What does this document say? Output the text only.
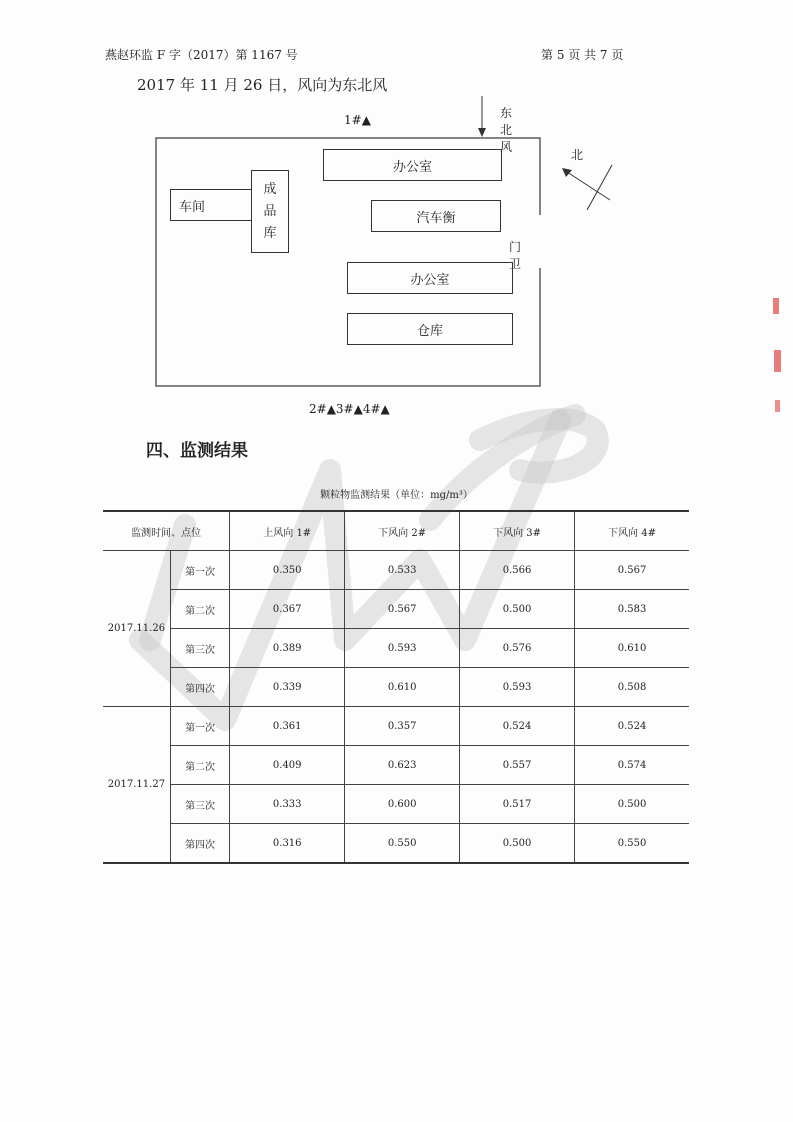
燕赵环监 F 字（2017）第 1167 号	第 5 页 共 7 页
2017 年 11 月 26 日，风向为东北风
东北风
北
1#▲
2#▲3#▲4#▲
门卫
车间
成
品
库
办公室
汽车衡
办公室
仓库
四、监测结果
颗粒物监测结果（单位：mg/m³）
监测时间、点位		上风向 1#	下风向 2#	下风向 3#	下风向 4#
2017.11.26	第一次	0.350	0.533	0.566	0.567
	第二次	0.367	0.567	0.500	0.583
	第三次	0.389	0.593	0.576	0.610
	第四次	0.339	0.610	0.593	0.508
2017.11.27	第一次	0.361	0.357	0.524	0.524
	第二次	0.409	0.623	0.557	0.574
	第三次	0.333	0.600	0.517	0.500
	第四次	0.316	0.550	0.500	0.550
